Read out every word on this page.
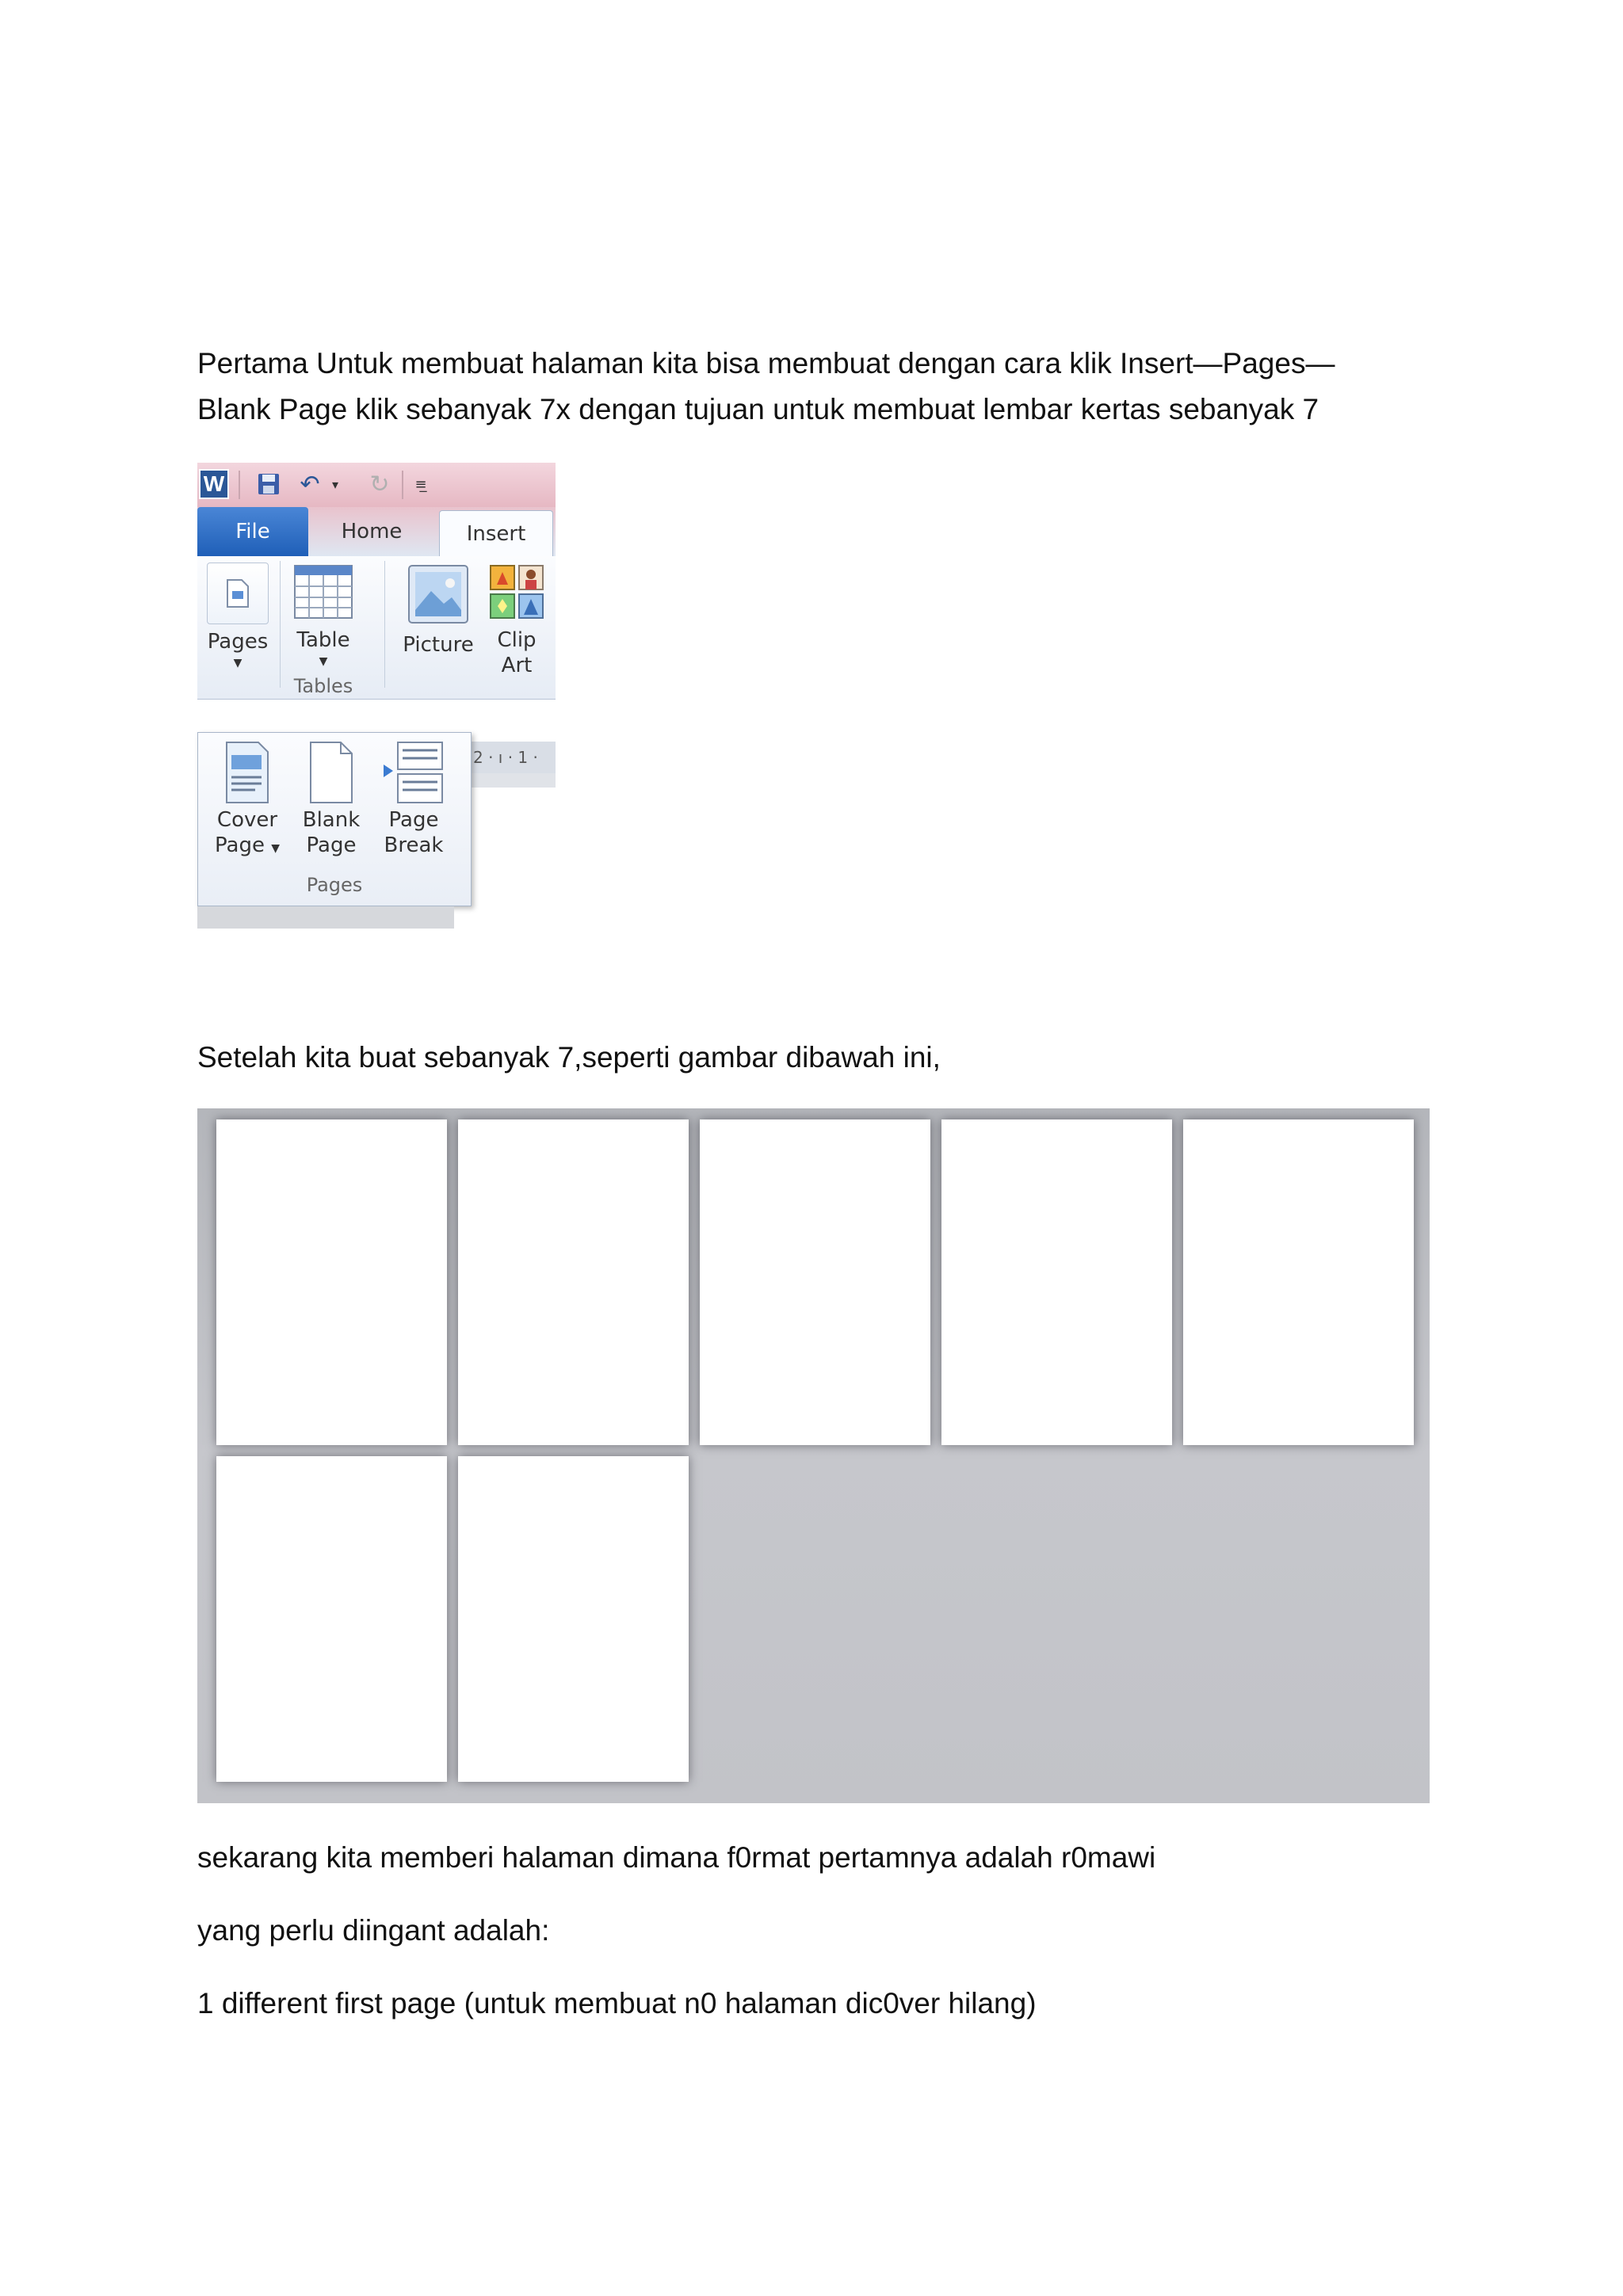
Pertama Untuk membuat halaman kita bisa membuat dengan cara klik Insert—Pages—
Blank Page klik sebanyak 7x dengan tujuan untuk membuat lembar kertas sebanyak 7

W	↶ ▾ ↻	≡̲
File	Home	Insert
Pages
▼
Table
▼
Tables
Picture	Clip
Art
2 · ı · 1 ·
Cover
Page ▼
Blank
Page
Page
Break
Pages

Setelah kita buat sebanyak 7,seperti gambar dibawah ini,

sekarang kita memberi halaman dimana f0rmat pertamnya adalah r0mawi

yang perlu diingant adalah:

1 different first page (untuk membuat n0 halaman dic0ver hilang)
